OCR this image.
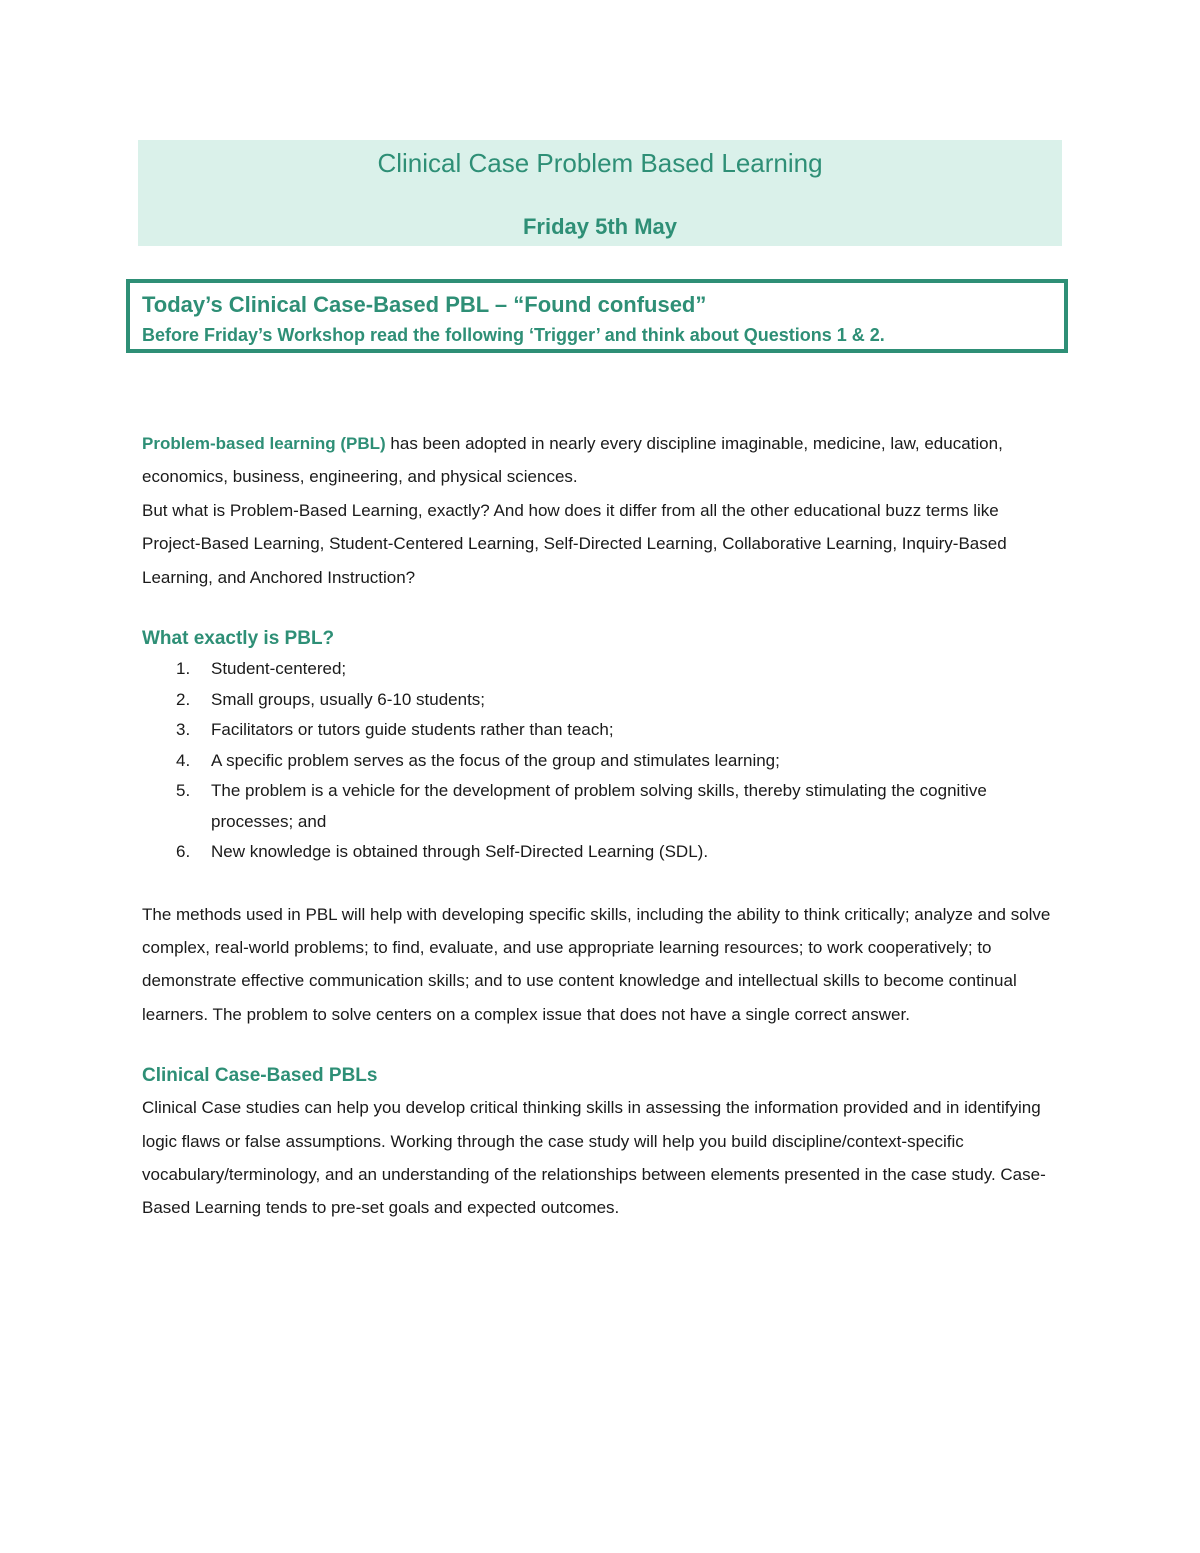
Clinical Case Problem Based Learning
Friday 5th May
Today’s Clinical Case-Based PBL – “Found confused”
Before Friday’s Workshop read the following ‘Trigger’ and think about Questions 1 & 2.

Problem-based learning (PBL) has been adopted in nearly every discipline imaginable, medicine, law, education, economics, business, engineering, and physical sciences.

But what is Problem-Based Learning, exactly? And how does it differ from all the other educational buzz terms like Project-Based Learning, Student-Centered Learning, Self-Directed Learning, Collaborative Learning, Inquiry-Based Learning, and Anchored Instruction?

What exactly is PBL?

1. Student-centered;
2. Small groups, usually 6-10 students;
3. Facilitators or tutors guide students rather than teach;
4. A specific problem serves as the focus of the group and stimulates learning;
5. The problem is a vehicle for the development of problem solving skills, thereby stimulating the cognitive processes; and
6. New knowledge is obtained through Self-Directed Learning (SDL).

The methods used in PBL will help with developing specific skills, including the ability to think critically; analyze and solve complex, real-world problems; to find, evaluate, and use appropriate learning resources; to work cooperatively; to demonstrate effective communication skills; and to use content knowledge and intellectual skills to become continual learners. The problem to solve centers on a complex issue that does not have a single correct answer.

Clinical Case-Based PBLs

Clinical Case studies can help you develop critical thinking skills in assessing the information provided and in identifying logic flaws or false assumptions. Working through the case study will help you build discipline/context-specific vocabulary/terminology, and an understanding of the relationships between elements presented in the case study. Case-Based Learning tends to pre-set goals and expected outcomes.
